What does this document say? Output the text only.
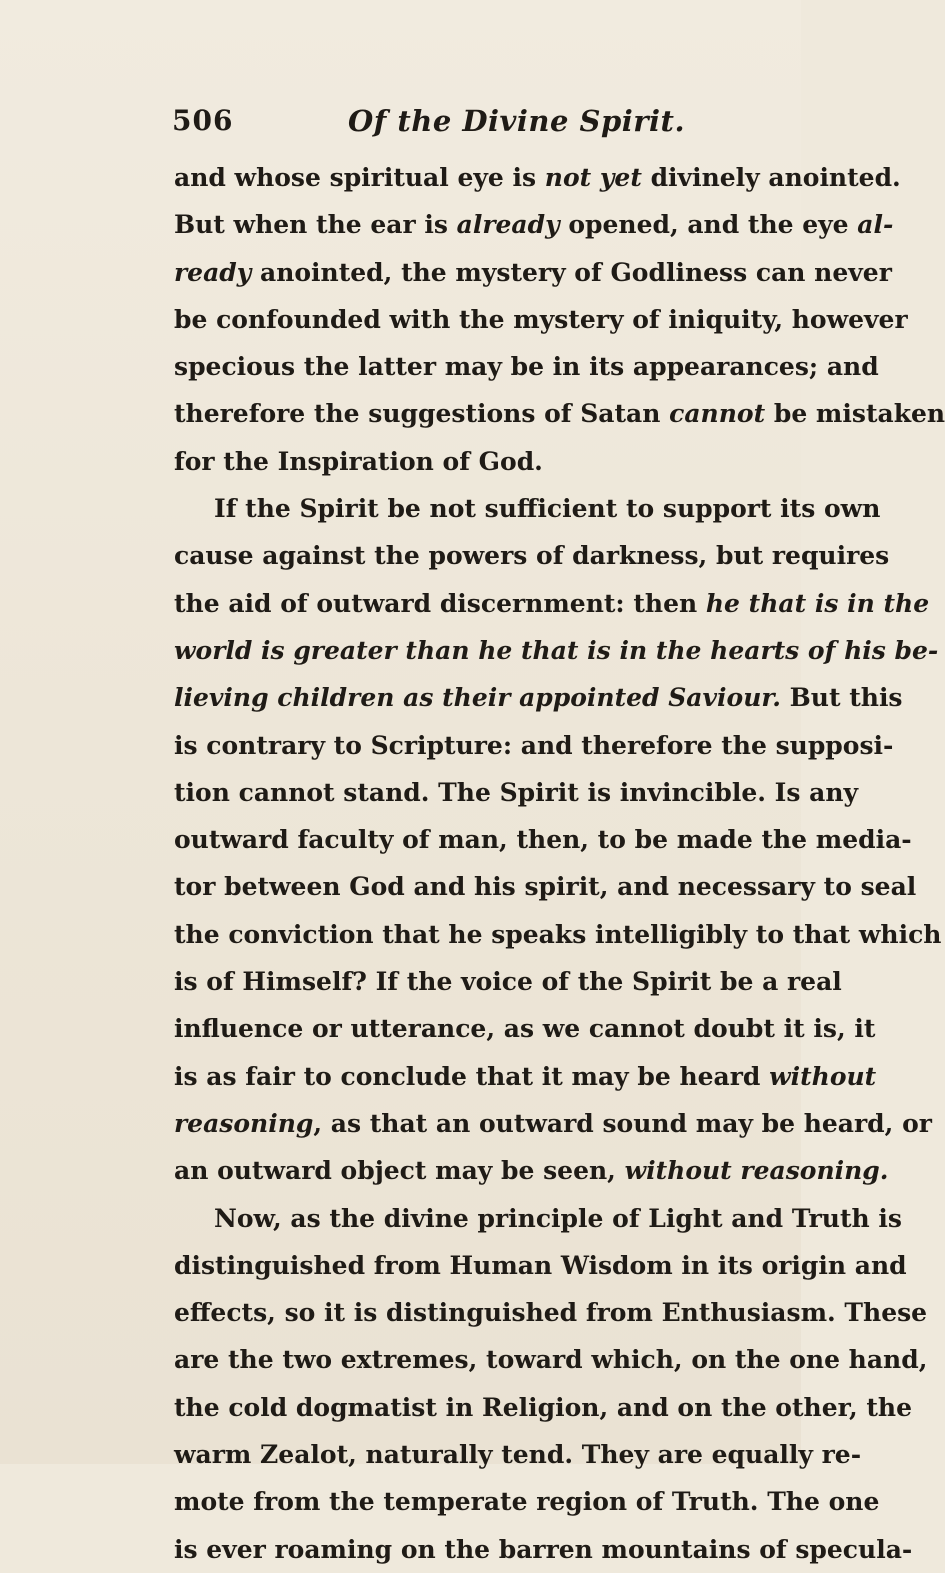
506	Of the Divine Spirit.
and whose spiritual eye is not yet divinely anointed.
But when the ear is already opened, and the eye al-
ready anointed, the mystery of Godliness can never
be confounded with the mystery of iniquity, however
specious the latter may be in its appearances; and
therefore the suggestions of Satan cannot be mistaken
for the Inspiration of God.
If the Spirit be not sufficient to support its own
cause against the powers of darkness, but requires
the aid of outward discernment: then he that is in the
world is greater than he that is in the hearts of his be-
lieving children as their appointed Saviour. But this
is contrary to Scripture: and therefore the supposi-
tion cannot stand. The Spirit is invincible. Is any
outward faculty of man, then, to be made the media-
tor between God and his spirit, and necessary to seal
the conviction that he speaks intelligibly to that which
is of Himself? If the voice of the Spirit be a real
influence or utterance, as we cannot doubt it is, it
is as fair to conclude that it may be heard without
reasoning, as that an outward sound may be heard, or
an outward object may be seen, without reasoning.
Now, as the divine principle of Light and Truth is
distinguished from Human Wisdom in its origin and
effects, so it is distinguished from Enthusiasm. These
are the two extremes, toward which, on the one hand,
the cold dogmatist in Religion, and on the other, the
warm Zealot, naturally tend. They are equally re-
mote from the temperate region of Truth. The one
is ever roaming on the barren mountains of specula-
